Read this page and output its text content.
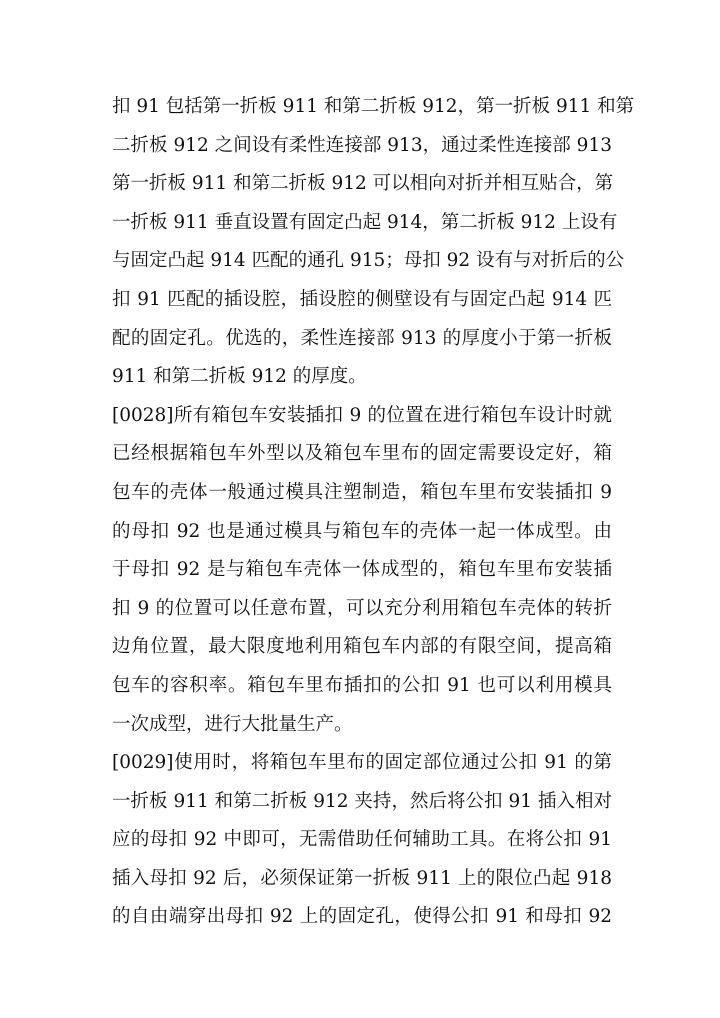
扣 91 包括第一折板 911 和第二折板 912，第一折板 911 和第
二折板 912 之间设有柔性连接部 913，通过柔性连接部 913
第一折板 911 和第二折板 912 可以相向对折并相互贴合，第
一折板 911 垂直设置有固定凸起 914，第二折板 912 上设有
与固定凸起 914 匹配的通孔 915；母扣 92 设有与对折后的公
扣 91 匹配的插设腔，插设腔的侧壁设有与固定凸起 914 匹
配的固定孔。优选的，柔性连接部 913 的厚度小于第一折板
911 和第二折板 912 的厚度。
[0028]所有箱包车安装插扣 9 的位置在进行箱包车设计时就
已经根据箱包车外型以及箱包车里布的固定需要设定好，箱
包车的壳体一般通过模具注塑制造，箱包车里布安装插扣 9
的母扣 92 也是通过模具与箱包车的壳体一起一体成型。由
于母扣 92 是与箱包车壳体一体成型的，箱包车里布安装插
扣 9 的位置可以任意布置，可以充分利用箱包车壳体的转折
边角位置，最大限度地利用箱包车内部的有限空间，提高箱
包车的容积率。箱包车里布插扣的公扣 91 也可以利用模具
一次成型，进行大批量生产。
[0029]使用时，将箱包车里布的固定部位通过公扣 91 的第
一折板 911 和第二折板 912 夹持，然后将公扣 91 插入相对
应的母扣 92 中即可，无需借助任何辅助工具。在将公扣 91
插入母扣 92 后，必须保证第一折板 911 上的限位凸起 918
的自由端穿出母扣 92 上的固定孔，使得公扣 91 和母扣 92
